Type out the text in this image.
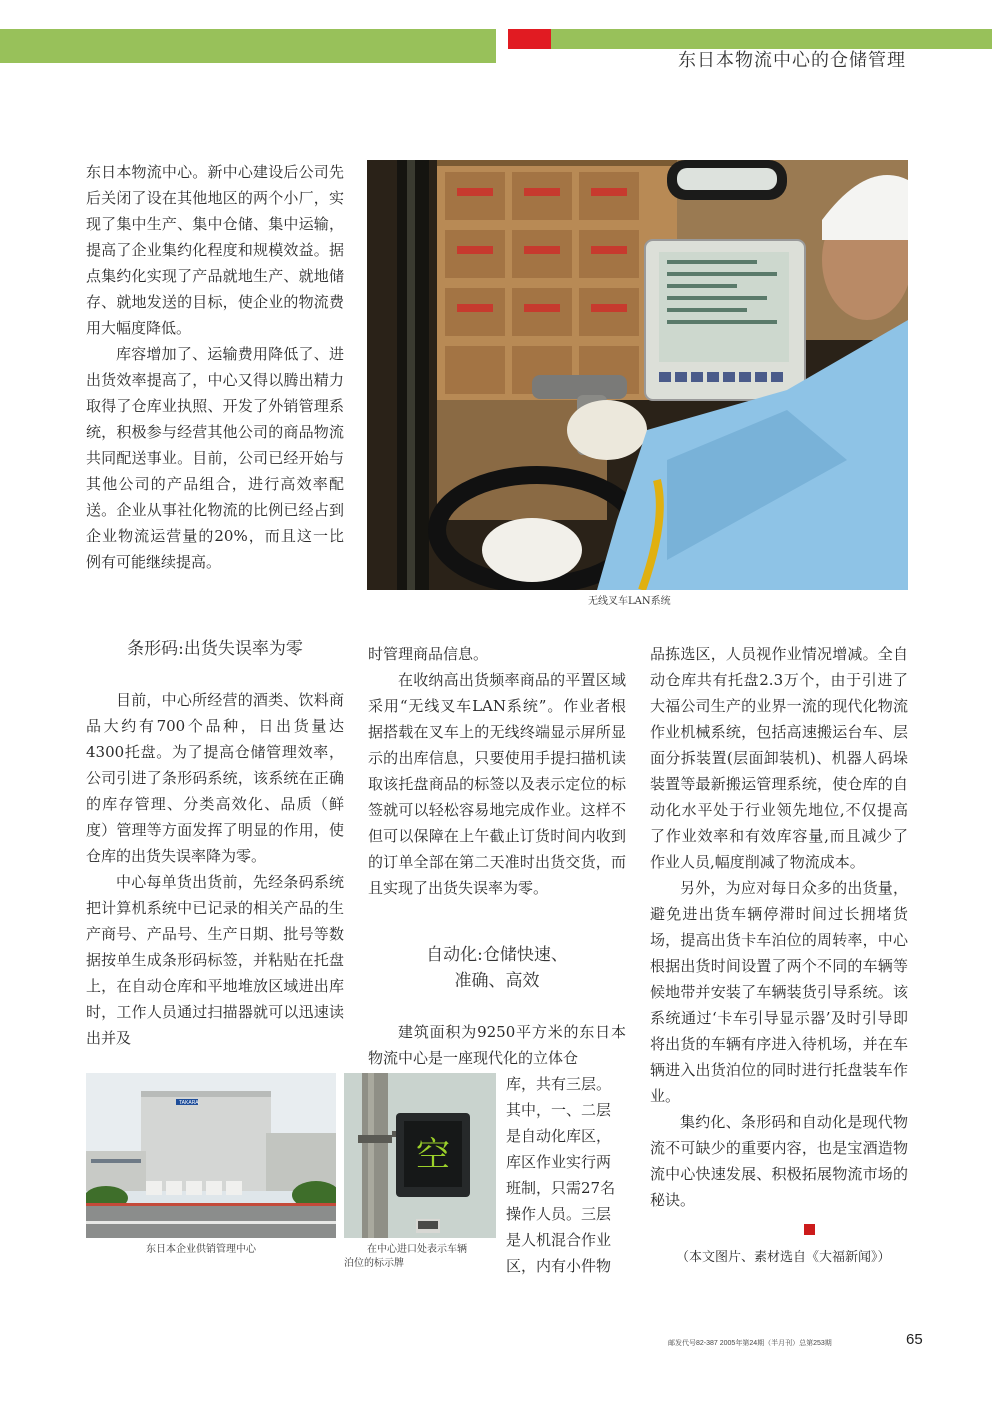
东日本物流中心的仓储管理
无线叉车LAN系统

东日本物流中心。新中心建设后公司先后关闭了设在其他地区的两个小厂，实现了集中生产、集中仓储、集中运输，提高了企业集约化程度和规模效益。据点集约化实现了产品就地生产、就地储存、就地发送的目标，使企业的物流费用大幅度降低。

库容增加了、运输费用降低了、进出货效率提高了，中心又得以腾出精力取得了仓库业执照、开发了外销管理系统，积极参与经营其他公司的商品物流共同配送事业。目前，公司已经开始与其他公司的产品组合，进行高效率配送。企业从事社化物流的比例已经占到企业物流运营量的20%，而且这一比例有可能继续提高。

条形码:出货失误率为零

目前，中心所经营的酒类、饮料商品大约有700个品种，日出货量达4300托盘。为了提高仓储管理效率，公司引进了条形码系统，该系统在正确的库存管理、分类高效化、品质（鲜度）管理等方面发挥了明显的作用，使仓库的出货失误率降为零。

中心每单货出货前，先经条码系统把计算机系统中已记录的相关产品的生产商号、产品号、生产日期、批号等数据按单生成条形码标签，并粘贴在托盘上，在自动仓库和平地堆放区域进出库时，工作人员通过扫描器就可以迅速读出并及

时管理商品信息。

在收纳高出货频率商品的平置区域采用“无线叉车LAN系统”。作业者根据搭载在叉车上的无线终端显示屏所显示的出库信息，只要使用手提扫描机读取该托盘商品的标签以及表示定位的标签就可以轻松容易地完成作业。这样不但可以保障在上午截止订货时间内收到的订单全部在第二天准时出货交货，而且实现了出货失误率为零。

自动化:仓储快速、
准确、高效

建筑面积为9250平方米的东日本物流中心是一座现代化的立体仓

库，共有三层。

其中，一、二层

是自动化库区，

库区作业实行两

班制，只需27名

操作人员。三层

是人机混合作业

区，内有小件物

品拣选区，人员视作业情况增减。全自动仓库共有托盘2.3万个，由于引进了大福公司生产的业界一流的现代化物流作业机械系统，包括高速搬运台车、层面分拆装置(层面卸装机)、机器人码垛装置等最新搬运管理系统，使仓库的自动化水平处于行业领先地位,不仅提高了作业效率和有效库容量,而且减少了作业人员,幅度削减了物流成本。

另外，为应对每日众多的出货量，避免进出货车辆停滞时间过长拥堵货场，提高出货卡车泊位的周转率，中心根据出货时间设置了两个不同的车辆等候地带并安装了车辆装货引导系统。该系统通过‘卡车引导显示器’及时引导即将出货的车辆有序进入待机场，并在车辆进入出货泊位的同时进行托盘装车作业。

集约化、条形码和自动化是现代物流不可缺少的重要内容，也是宝酒造物流中心快速发展、积极拓展物流市场的秘诀。

（本文图片、素材选自《大福新闻》）

TAKARA
东日本企业供销管理中心
空
在中心进口处表示车辆
泊位的标示牌
邮发代号82-387 2005年第24期（半月刊）总第253期	65
